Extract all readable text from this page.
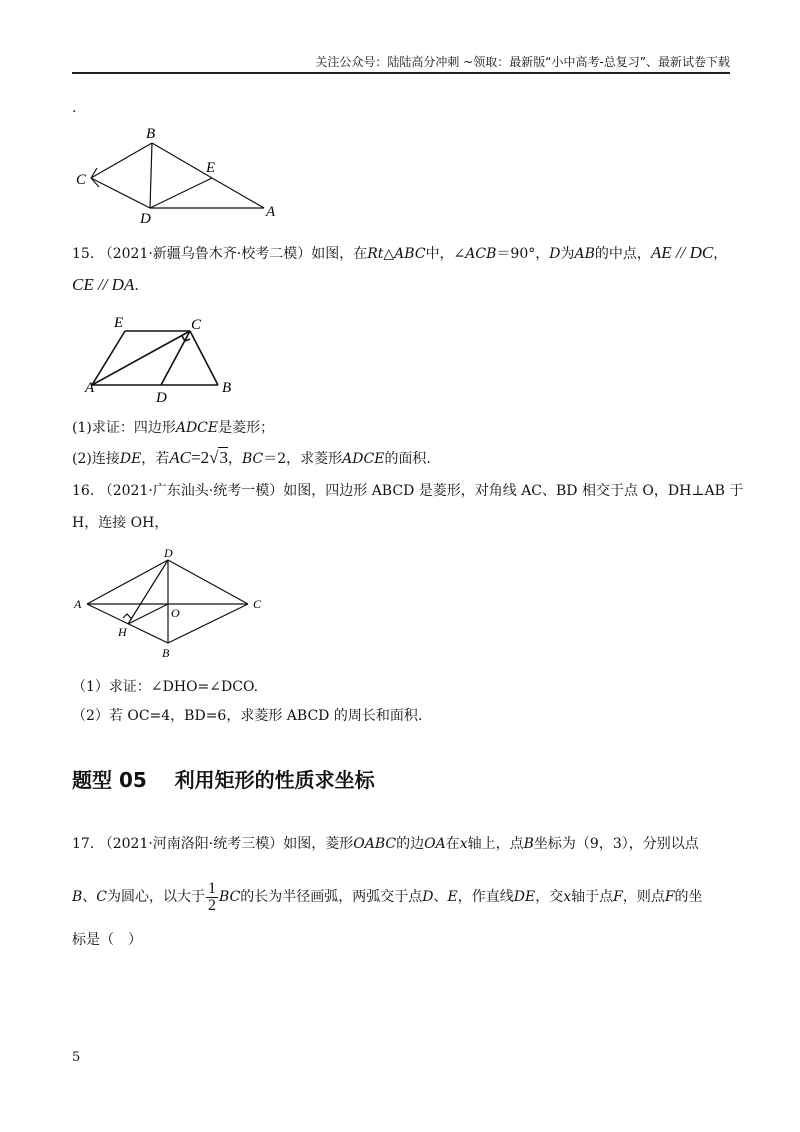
关注公众号：陆陆高分冲刺 ~领取：最新版“小中高考-总复习”、最新试卷下载
.
B
C
E
D	A
15. （2021·新疆乌鲁木齐·校考二模）如图，在Rt△ABC中，∠ACB＝90°，D为AB的中点，AE // DC，
CE // DA.
E	C
A
D
B
(1)求证：四边形ADCE是菱形；
(2)连接DE，若AC=2√3，BC＝2，求菱形ADCE的面积.
16. （2021·广东汕头·统考一模）如图，四边形 ABCD 是菱形，对角线 AC、BD 相交于点 O，DH⊥AB 于
H，连接 OH，
D
A
O
C
H
B
（1）求证：∠DHO=∠DCO.
（2）若 OC=4，BD=6，求菱形 ABCD 的周长和面积.
题型 05    利用矩形的性质求坐标
17. （2021·河南洛阳·统考三模）如图，菱形OABC的边OA在x轴上，点B坐标为（9，3），分别以点
B、C为圆心，以大于 $\frac{1}{2}$ BC的长为半径画弧，两弧交于点D、E，作直线DE，交x轴于点F，则点F的坐
标是（　）
5
